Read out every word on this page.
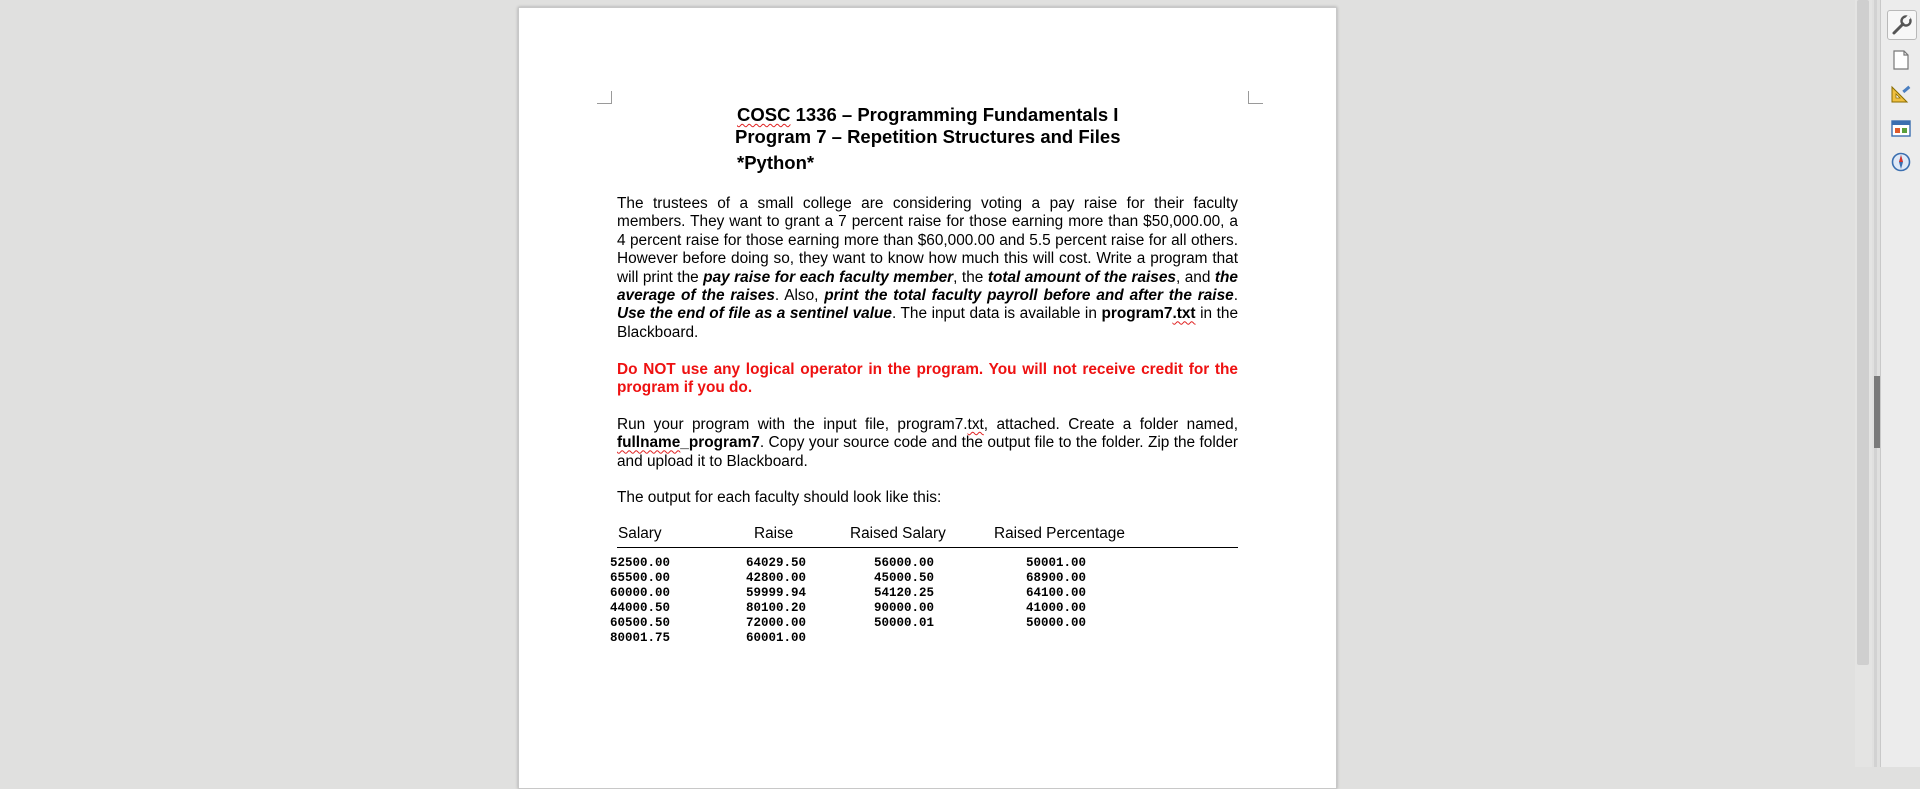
COSC 1336 – Programming Fundamentals I
Program 7 – Repetition Structures and Files
*Python*
The trustees of a small college are considering voting a pay raise for their faculty members. They want to grant a 7 percent raise for those earning more than $50,000.00, a 4 percent raise for those earning more than $60,000.00 and 5.5 percent raise for all others. However before doing so, they want to know how much this will cost. Write a program that will print the pay raise for each faculty member, the total amount of the raises, and the average of the raises. Also, print the total faculty payroll before and after the raise. Use the end of file as a sentinel value. The input data is available in program7.txt in the Blackboard.
Do NOT use any logical operator in the program. You will not receive credit for the program if you do.
Run your program with the input file, program7.txt, attached. Create a folder named, fullname_program7. Copy your source code and the output file to the folder. Zip the folder and upload it to Blackboard.
The output for each faculty should look like this:
Salary	Raise	Raised Salary	Raised Percentage
52500.00	64029.50	56000.00	50001.00
65500.00	42800.00	45000.50	68900.00
60000.00	59999.94	54120.25	64100.00
44000.50	80100.20	90000.00	41000.00
60500.50	72000.00	50000.01	50000.00
80001.75	60001.00
